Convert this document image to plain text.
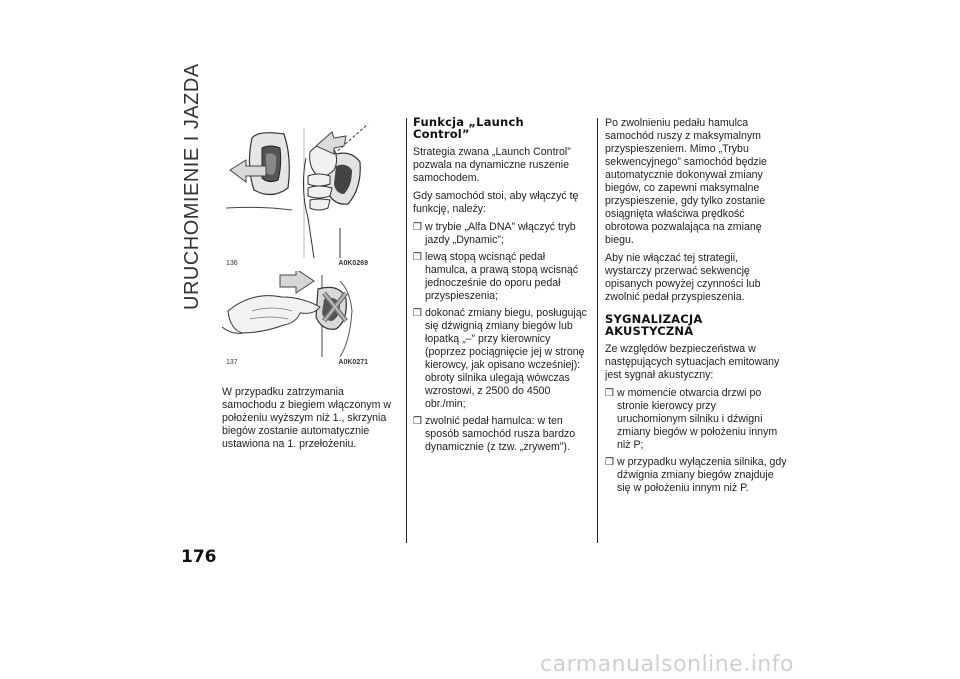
URUCHOMIENIE I JAZDA	136	A0K0269
137	A0K0271

W przypadku zatrzymania samochodu z biegiem włączonym w położeniu wyższym niż 1., skrzynia biegów zostanie automatycznie ustawiona na 1. przełożeniu.

Funkcja „Launch
Control”

Strategia zwana „Launch Control” pozwala na dynamiczne ruszenie samochodem.

Gdy samochód stoi, aby włączyć tę funkcję, należy:

❒ w trybie „Alfa DNA” włączyć tryb jazdy „Dynamic”;
❒ lewą stopą wcisnąć pedał hamulca, a prawą stopą wcisnąć jednocześnie do oporu pedał przyspieszenia;
❒ dokonać zmiany biegu, posługując się dźwignią zmiany biegów lub łopatką „–” przy kierownicy (poprzez pociągnięcie jej w stronę kierowcy, jak opisano wcześniej): obroty silnika ulegają wówczas wzrostowi, z 2500 do 4500 obr./min;
❒ zwolnić pedał hamulca: w ten sposób samochód rusza bardzo dynamicznie (z tzw. „zrywem”).

Po zwolnieniu pedału hamulca samochód ruszy z maksymalnym przyspieszeniem. Mimo „Trybu sekwencyjnego” samochód będzie automatycznie dokonywał zmiany biegów, co zapewni maksymalne przyspieszenie, gdy tylko zostanie osiągnięta właściwa prędkość obrotowa pozwalająca na zmianę biegu.

Aby nie włączać tej strategii, wystarczy przerwać sekwencję opisanych powyżej czynności lub zwolnić pedał przyspieszenia.

SYGNALIZACJA
AKUSTYCZNA

Ze względów bezpieczeństwa w następujących sytuacjach emitowany jest sygnał akustyczny:

❒ w momencie otwarcia drzwi po stronie kierowcy przy uruchomionym silniku i dźwigni zmiany biegów w położeniu innym niż P;
❒ w przypadku wyłączenia silnika, gdy dźwignia zmiany biegów znajduje się w położeniu innym niż P.
176
carmanualsonline.info
